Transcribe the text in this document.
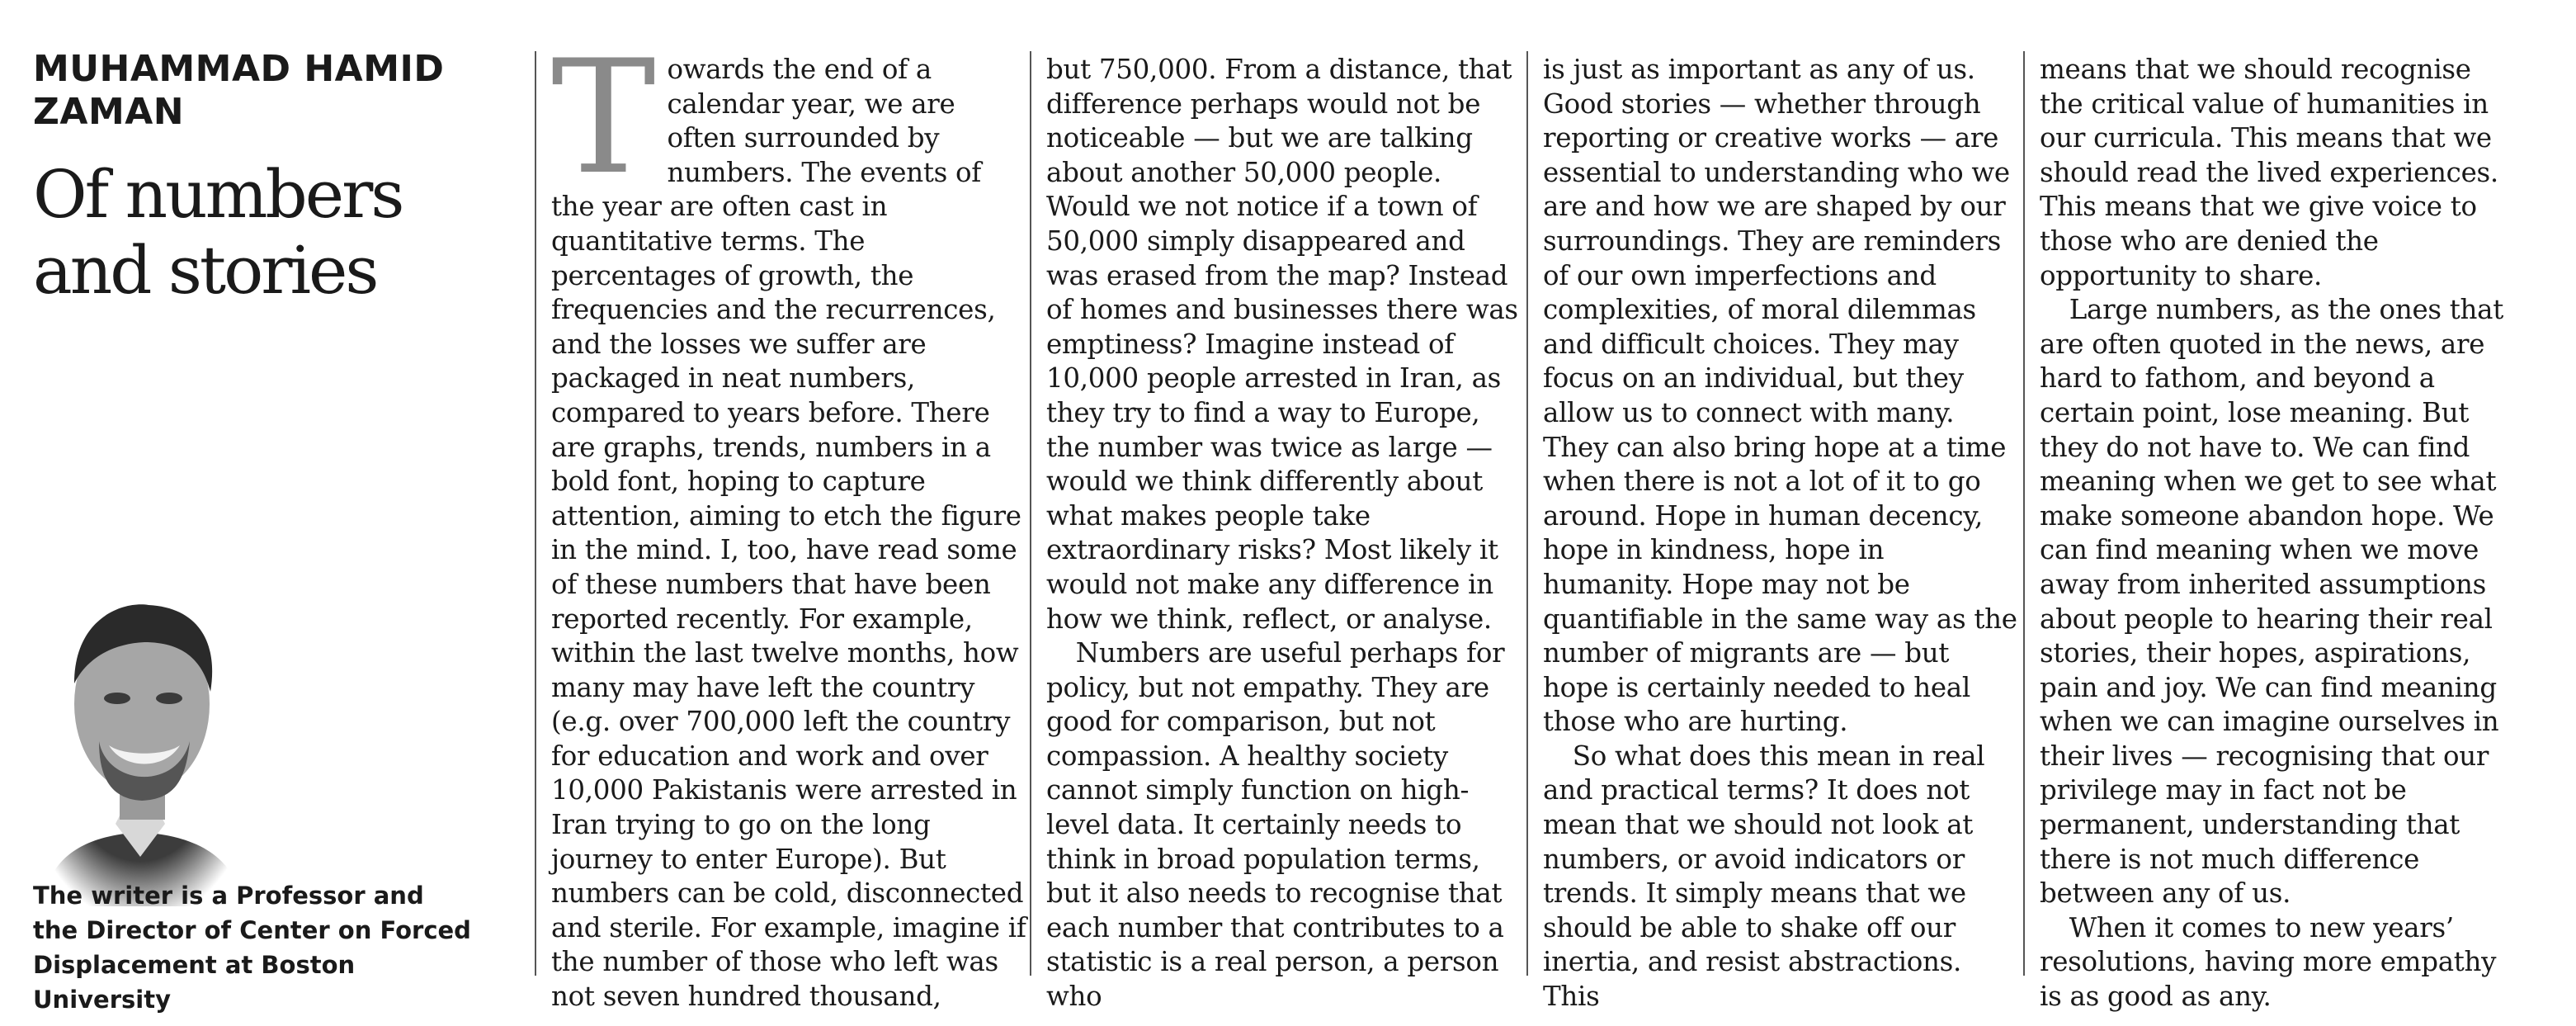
MUHAMMAD HAMID
ZAMAN
Of numbers
and stories

The writer is a Professor and
the Director of Center on Forced
Displacement at Boston University

Towards the end of a calendar year, we are often surrounded by numbers. The events of the year are often cast in quantitative terms. The percentages of growth, the frequencies and the recurrences, and the losses we suffer are packaged in neat numbers, compared to years before. There are graphs, trends, numbers in a bold font, hoping to capture attention, aiming to etch the figure in the mind. I, too, have read some of these numbers that have been reported recently. For example, within the last twelve months, how many may have left the country (e.g. over 700,000 left the country for education and work and over 10,000 Pakistanis were arrested in Iran trying to go on the long journey to enter Europe). But numbers can be cold, disconnected and sterile. For example, imagine if the number of those who left was not seven hundred thousand,

but 750,000. From a distance, that difference perhaps would not be noticeable — but we are talking about another 50,000 people. Would we not notice if a town of 50,000 simply disappeared and was erased from the map? Instead of homes and businesses there was emptiness? Imagine instead of 10,000 people arrested in Iran, as they try to find a way to Europe, the number was twice as large — would we think differently about what makes people take extraordinary risks? Most likely it would not make any difference in how we think, reflect, or analyse.

Numbers are useful perhaps for policy, but not empathy. They are good for comparison, but not compassion. A healthy society cannot simply function on high-level data. It certainly needs to think in broad population terms, but it also needs to recognise that each number that contributes to a statistic is a real person, a person who

is just as important as any of us. Good stories — whether through reporting or creative works — are essential to understanding who we are and how we are shaped by our surroundings. They are reminders of our own imperfections and complexities, of moral dilemmas and difficult choices. They may focus on an individual, but they allow us to connect with many. They can also bring hope at a time when there is not a lot of it to go around. Hope in human decency, hope in kindness, hope in humanity. Hope may not be quantifiable in the same way as the number of migrants are — but hope is certainly needed to heal those who are hurting.

So what does this mean in real and practical terms? It does not mean that we should not look at numbers, or avoid indicators or trends. It simply means that we should be able to shake off our inertia, and resist abstractions. This

means that we should recognise the critical value of humanities in our curricula. This means that we should read the lived experiences. This means that we give voice to those who are denied the opportunity to share.

Large numbers, as the ones that are often quoted in the news, are hard to fathom, and beyond a certain point, lose meaning. But they do not have to. We can find meaning when we get to see what make someone abandon hope. We can find meaning when we move away from inherited assumptions about people to hearing their real stories, their hopes, aspirations, pain and joy. We can find meaning when we can imagine ourselves in their lives — recognising that our privilege may in fact not be permanent, understanding that there is not much difference between any of us.

When it comes to new years’ resolutions, having more empathy is as good as any.
